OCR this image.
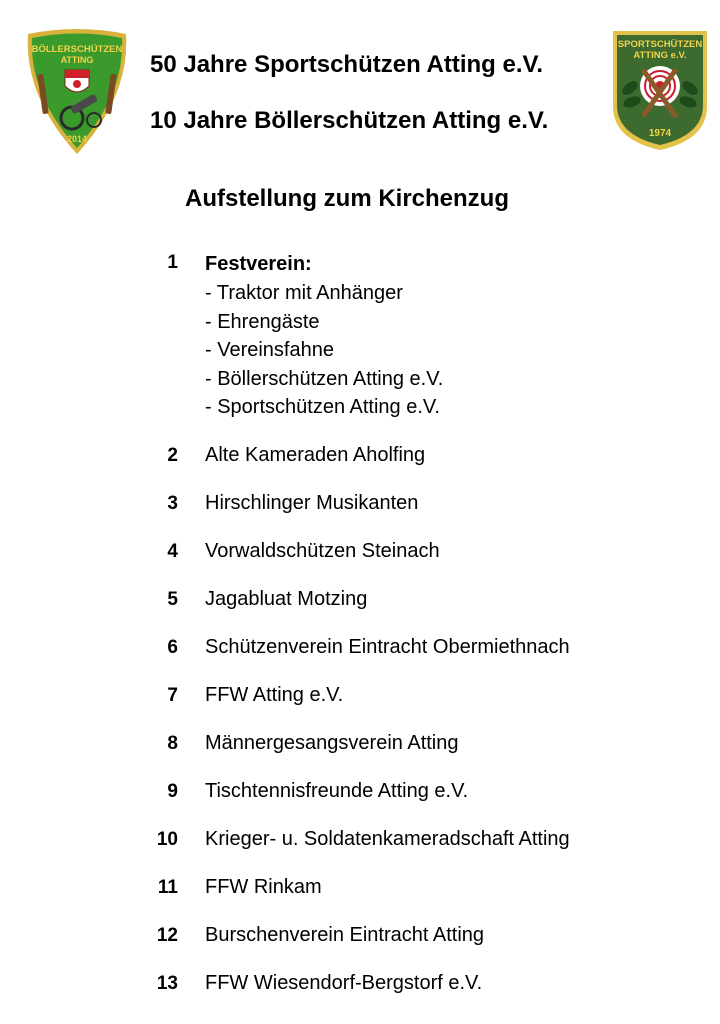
BÖLLERSCHÜTZEN
ATTING
2014
SPORTSCHÜTZEN
ATTING e.V.
1974
50 Jahre Sportschützen Atting e.V.
10 Jahre Böllerschützen Atting e.V.
Aufstellung zum Kirchenzug
1 Festverein:
- Traktor mit Anhänger
- Ehrengäste
- Vereinsfahne
- Böllerschützen Atting e.V.
- Sportschützen Atting e.V.
2 Alte Kameraden Aholfing
3 Hirschlinger Musikanten
4 Vorwaldschützen Steinach
5 Jagabluat Motzing
6 Schützenverein Eintracht Obermiethnach
7 FFW Atting e.V.
8 Männergesangsverein Atting
9 Tischtennisfreunde Atting e.V.
10 Krieger- u. Soldatenkameradschaft Atting
11 FFW Rinkam
12 Burschenverein Eintracht Atting
13 FFW Wiesendorf-Bergstorf e.V.
